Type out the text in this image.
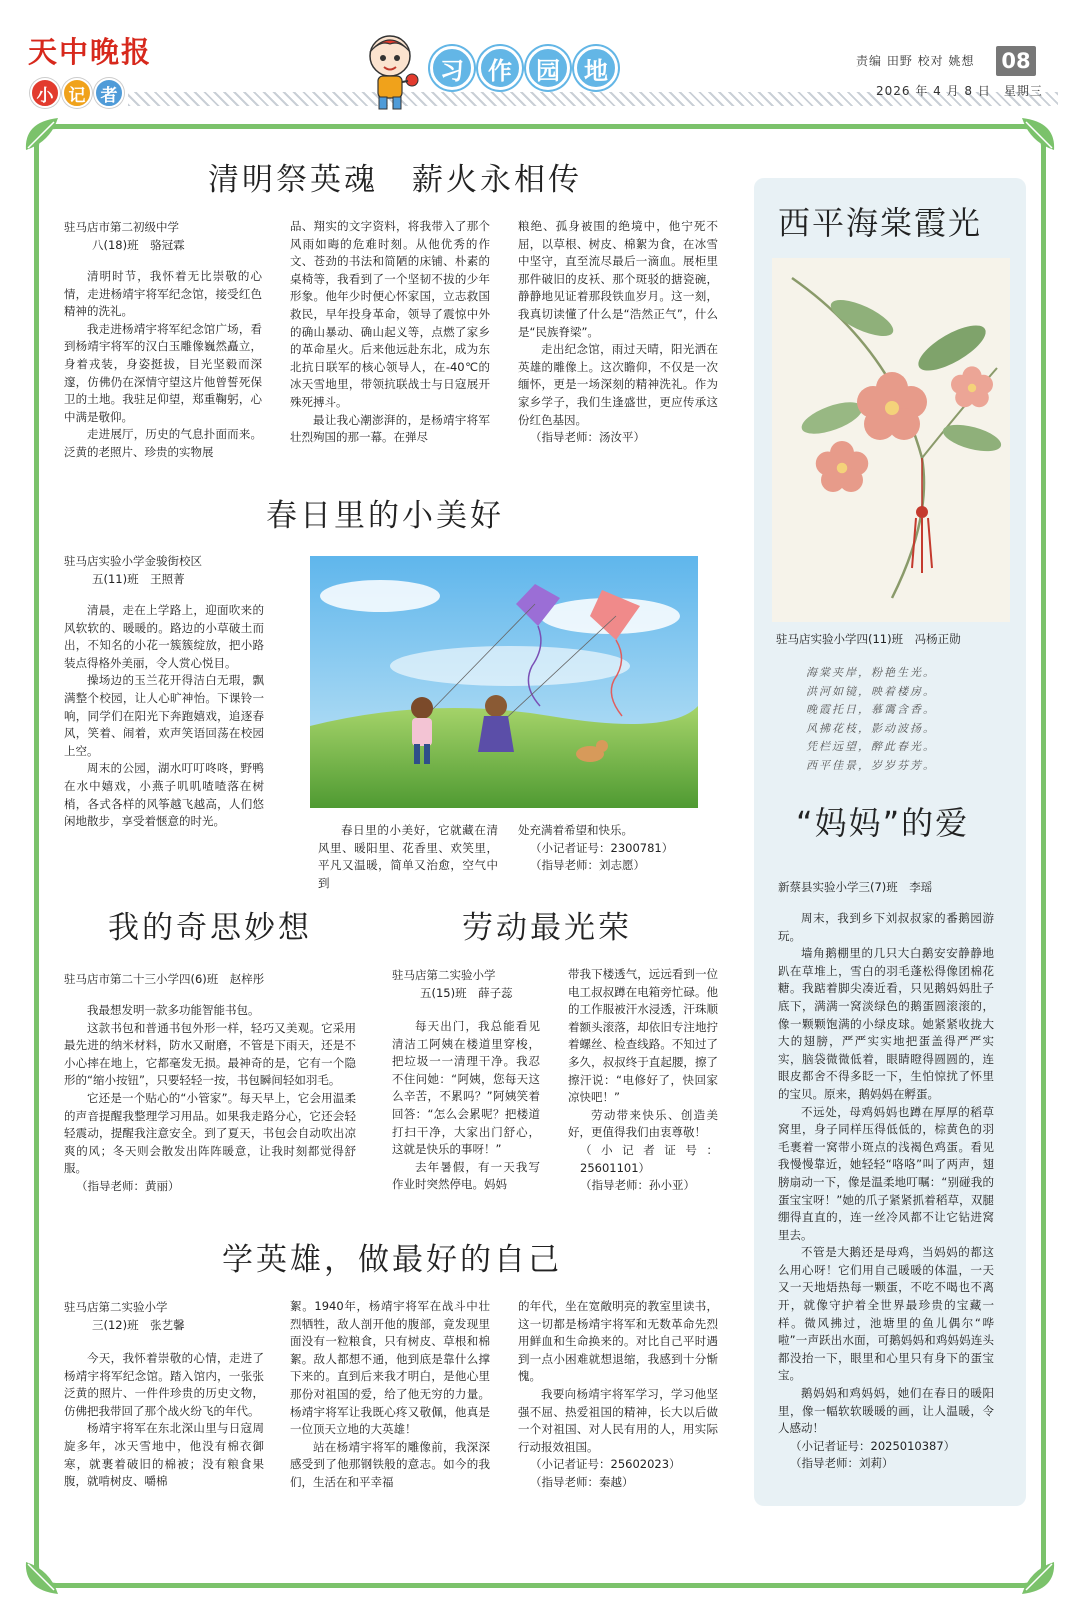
天中晚报
小 记 者
习	作	园	地	责编 田野 校对 姚想
2026 年 4 月 8 日　星期三
08
清明祭英魂　薪火永相传
驻马店市第二初级中学
八(18)班　骆冠霖

清明时节，我怀着无比崇敬的心情，走进杨靖宇将军纪念馆，接受红色精神的洗礼。

我走进杨靖宇将军纪念馆广场，看到杨靖宇将军的汉白玉雕像巍然矗立，身着戎装，身姿挺拔，目光坚毅而深邃，仿佛仍在深情守望这片他曾誓死保卫的土地。我驻足仰望，郑重鞠躬，心中满是敬仰。

走进展厅，历史的气息扑面而来。泛黄的老照片、珍贵的实物展

品、翔实的文字资料，将我带入了那个风雨如晦的危难时刻。从他优秀的作文、苍劲的书法和简陋的床铺、朴素的桌椅等，我看到了一个坚韧不拔的少年形象。他年少时便心怀家国，立志救国救民，早年投身革命，领导了震惊中外的确山暴动、确山起义等，点燃了家乡的革命星火。后来他远赴东北，成为东北抗日联军的核心领导人，在-40℃的冰天雪地里，带领抗联战士与日寇展开殊死搏斗。

最让我心潮澎湃的，是杨靖宇将军壮烈殉国的那一幕。在弹尽

粮绝、孤身被围的绝境中，他宁死不屈，以草根、树皮、棉絮为食，在冰雪中坚守，直至流尽最后一滴血。展柜里那件破旧的皮袄、那个斑驳的搪瓷碗，静静地见证着那段铁血岁月。这一刻，我真切读懂了什么是“浩然正气”，什么是“民族脊梁”。

走出纪念馆，雨过天晴，阳光洒在英雄的雕像上。这次瞻仰，不仅是一次缅怀，更是一场深刻的精神洗礼。作为家乡学子，我们生逢盛世，更应传承这份红色基因。

（指导老师：汤汝平）
春日里的小美好
驻马店实验小学金骏街校区
五(11)班　王照菁

清晨，走在上学路上，迎面吹来的风软软的、暖暖的。路边的小草破土而出，不知名的小花一簇簇绽放，把小路装点得格外美丽，令人赏心悦目。

操场边的玉兰花开得洁白无瑕，飘满整个校园，让人心旷神怡。下课铃一响，同学们在阳光下奔跑嬉戏，追逐春风，笑着、闹着，欢声笑语回荡在校园上空。

周末的公园，湖水叮叮咚咚，野鸭在水中嬉戏，小燕子叽叽喳喳落在树梢，各式各样的风筝越飞越高，人们悠闲地散步，享受着惬意的时光。

春日里的小美好，它就藏在清风里、暖阳里、花香里、欢笑里，平凡又温暖，简单又治愈，空气中到
处充满着希望和快乐。

（小记者证号：2300781）
（指导老师：刘志愿）
我的奇思妙想
驻马店市第二十三小学四(6)班　赵梓彤

我最想发明一款多功能智能书包。

这款书包和普通书包外形一样，轻巧又美观。它采用最先进的纳米材料，防水又耐磨，不管是下雨天，还是不小心摔在地上，它都毫发无损。最神奇的是，它有一个隐形的“缩小按钮”，只要轻轻一按，书包瞬间轻如羽毛。

它还是一个贴心的“小管家”。每天早上，它会用温柔的声音提醒我整理学习用品。如果我走路分心，它还会轻轻震动，提醒我注意安全。到了夏天，书包会自动吹出凉爽的风；冬天则会散发出阵阵暖意，让我时刻都觉得舒服。

（指导老师：黄丽）
劳动最光荣
驻马店第二实验小学
五(15)班　薛子蕊

每天出门，我总能看见清洁工阿姨在楼道里穿梭，把垃圾一一清理干净。我忍不住问她：“阿姨，您每天这么辛苦，不累吗？”阿姨笑着回答：“怎么会累呢？把楼道打扫干净，大家出门舒心，这就是快乐的事呀！”

去年暑假，有一天我写作业时突然停电。妈妈

带我下楼透气，远远看到一位电工叔叔蹲在电箱旁忙碌。他的工作服被汗水浸透，汗珠顺着额头滚落，却依旧专注地拧着螺丝、检查线路。不知过了多久，叔叔终于直起腰，擦了擦汗说：“电修好了，快回家凉快吧！”

劳动带来快乐、创造美好，更值得我们由衷尊敬！

（小记者证号：25601101）
（指导老师：孙小亚）
学英雄，做最好的自己
驻马店第二实验小学
三(12)班　张艺馨

今天，我怀着崇敬的心情，走进了杨靖宇将军纪念馆。踏入馆内，一张张泛黄的照片、一件件珍贵的历史文物，仿佛把我带回了那个战火纷飞的年代。

杨靖宇将军在东北深山里与日寇周旋多年，冰天雪地中，他没有棉衣御寒，就裹着破旧的棉被；没有粮食果腹，就啃树皮、嚼棉

絮。1940年，杨靖宇将军在战斗中壮烈牺牲，敌人剖开他的腹部，竟发现里面没有一粒粮食，只有树皮、草根和棉絮。敌人都想不通，他到底是靠什么撑下来的。直到后来我才明白，是他心里那份对祖国的爱，给了他无穷的力量。杨靖宇将军让我既心疼又敬佩，他真是一位顶天立地的大英雄！

站在杨靖宇将军的雕像前，我深深感受到了他那钢铁般的意志。如今的我们，生活在和平幸福

的年代，坐在宽敞明亮的教室里读书，这一切都是杨靖宇将军和无数革命先烈用鲜血和生命换来的。对比自己平时遇到一点小困难就想退缩，我感到十分惭愧。

我要向杨靖宇将军学习，学习他坚强不屈、热爱祖国的精神，长大以后做一个对祖国、对人民有用的人，用实际行动报效祖国。

（小记者证号：25602023）
（指导老师：秦越）
西平海棠霞光
驻马店实验小学四(11)班　冯杨正勋
海棠夹岸，粉艳生光。
洪河如镜，映着楼房。
晚霞托日，慕霭含香。
风拂花枝，影动波扬。
凭栏远望，醉此春光。
西平佳景，岁岁芬芳。
“妈妈”的爱
新蔡县实验小学三(7)班　李瑶

周末，我到乡下刘叔叔家的番鹅园游玩。

墙角鹅棚里的几只大白鹅安安静静地趴在草堆上，雪白的羽毛蓬松得像团棉花糖。我踮着脚尖凑近看，只见鹅妈妈肚子底下，满满一窝淡绿色的鹅蛋圆滚滚的，像一颗颗饱满的小绿皮球。她紧紧收拢大大的翅膀，严严实实地把蛋盖得严严实实，脑袋微微低着，眼睛瞪得圆圆的，连眼皮都舍不得多眨一下，生怕惊扰了怀里的宝贝。原来，鹅妈妈在孵蛋。

不远处，母鸡妈妈也蹲在厚厚的稻草窝里，身子同样压得低低的，棕黄色的羽毛裹着一窝带小斑点的浅褐色鸡蛋。看见我慢慢靠近，她轻轻“咯咯”叫了两声，翅膀扇动一下，像是温柔地叮嘱：“别碰我的蛋宝宝呀！”她的爪子紧紧抓着稻草，双腿绷得直直的，连一丝冷风都不让它钻进窝里去。

不管是大鹅还是母鸡，当妈妈的都这么用心呀！它们用自己暖暖的体温，一天又一天地焐热每一颗蛋，不吃不喝也不离开，就像守护着全世界最珍贵的宝藏一样。微风拂过，池塘里的鱼儿偶尔“哗啦”一声跃出水面，可鹅妈妈和鸡妈妈连头都没抬一下，眼里和心里只有身下的蛋宝宝。

鹅妈妈和鸡妈妈，她们在春日的暖阳里，像一幅软软暖暖的画，让人温暖，令人感动！

（小记者证号：2025010387）
（指导老师：刘莉）
